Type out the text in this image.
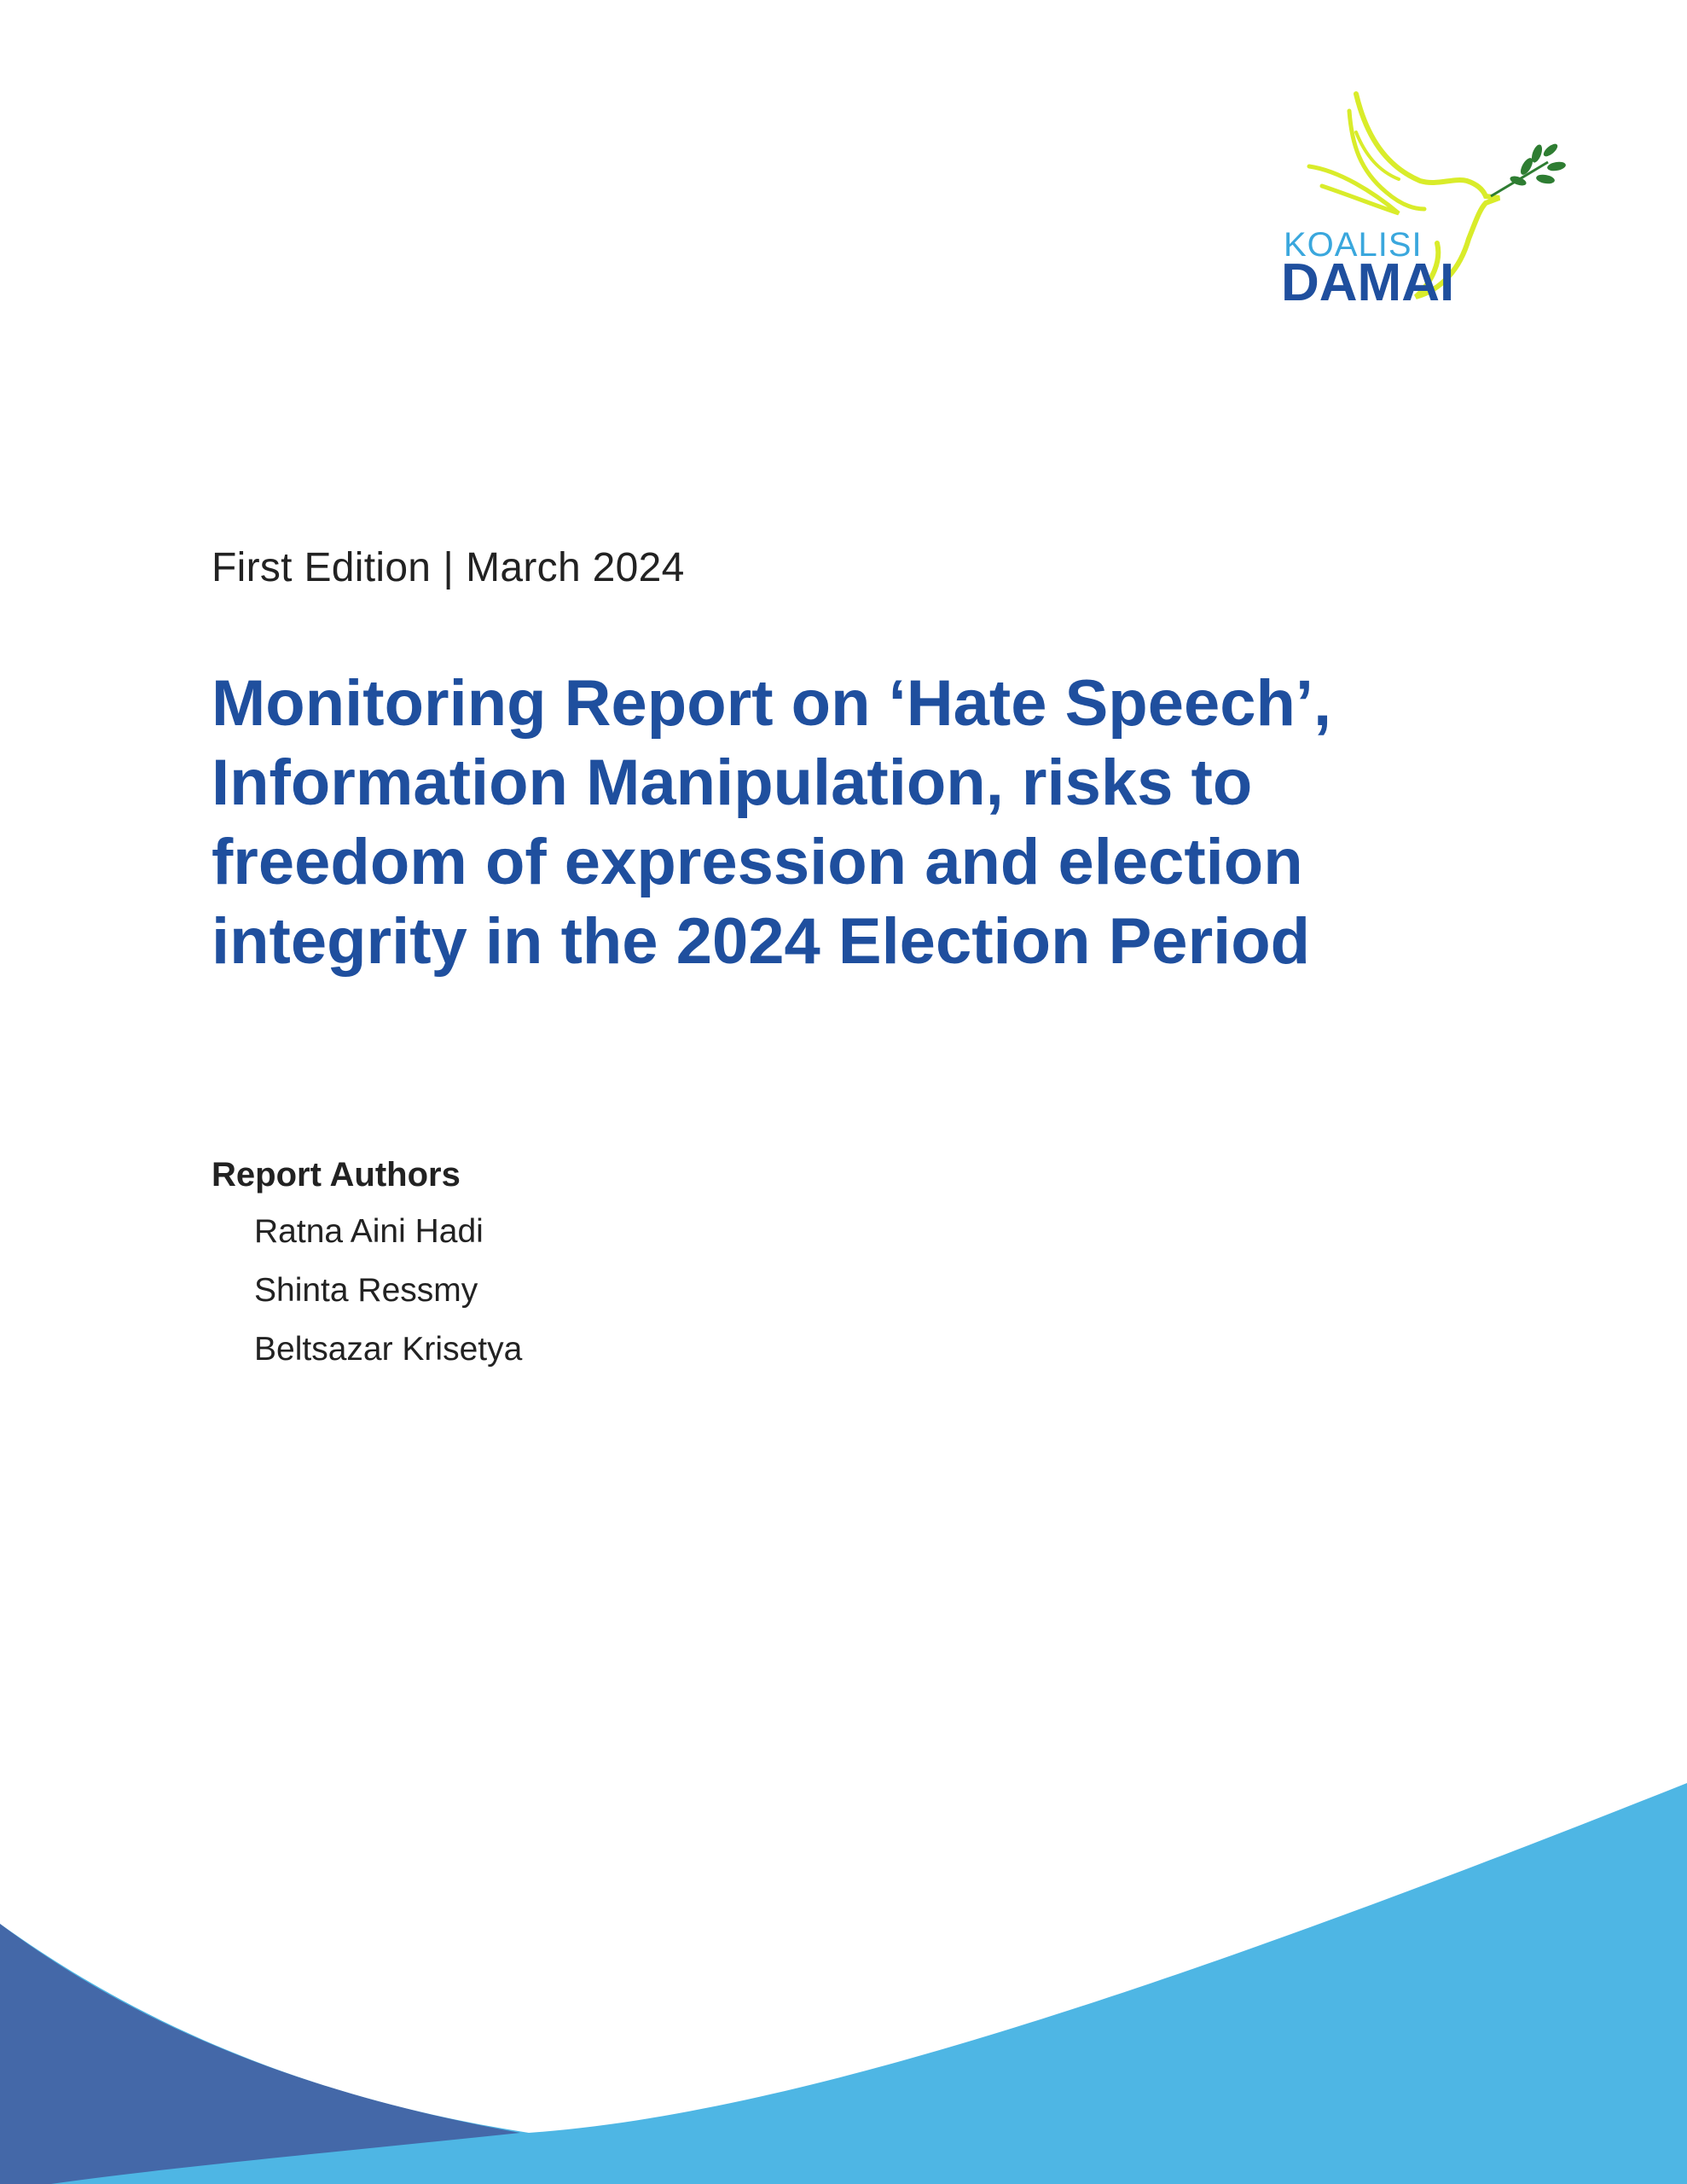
KOALISI
DAMAI
First Edition | March 2024
Monitoring Report on ‘Hate Speech’, Information Manipulation, risks to freedom of expression and election integrity in the 2024 Election Period
Report Authors
Ratna Aini Hadi
Shinta Ressmy
Beltsazar Krisetya
